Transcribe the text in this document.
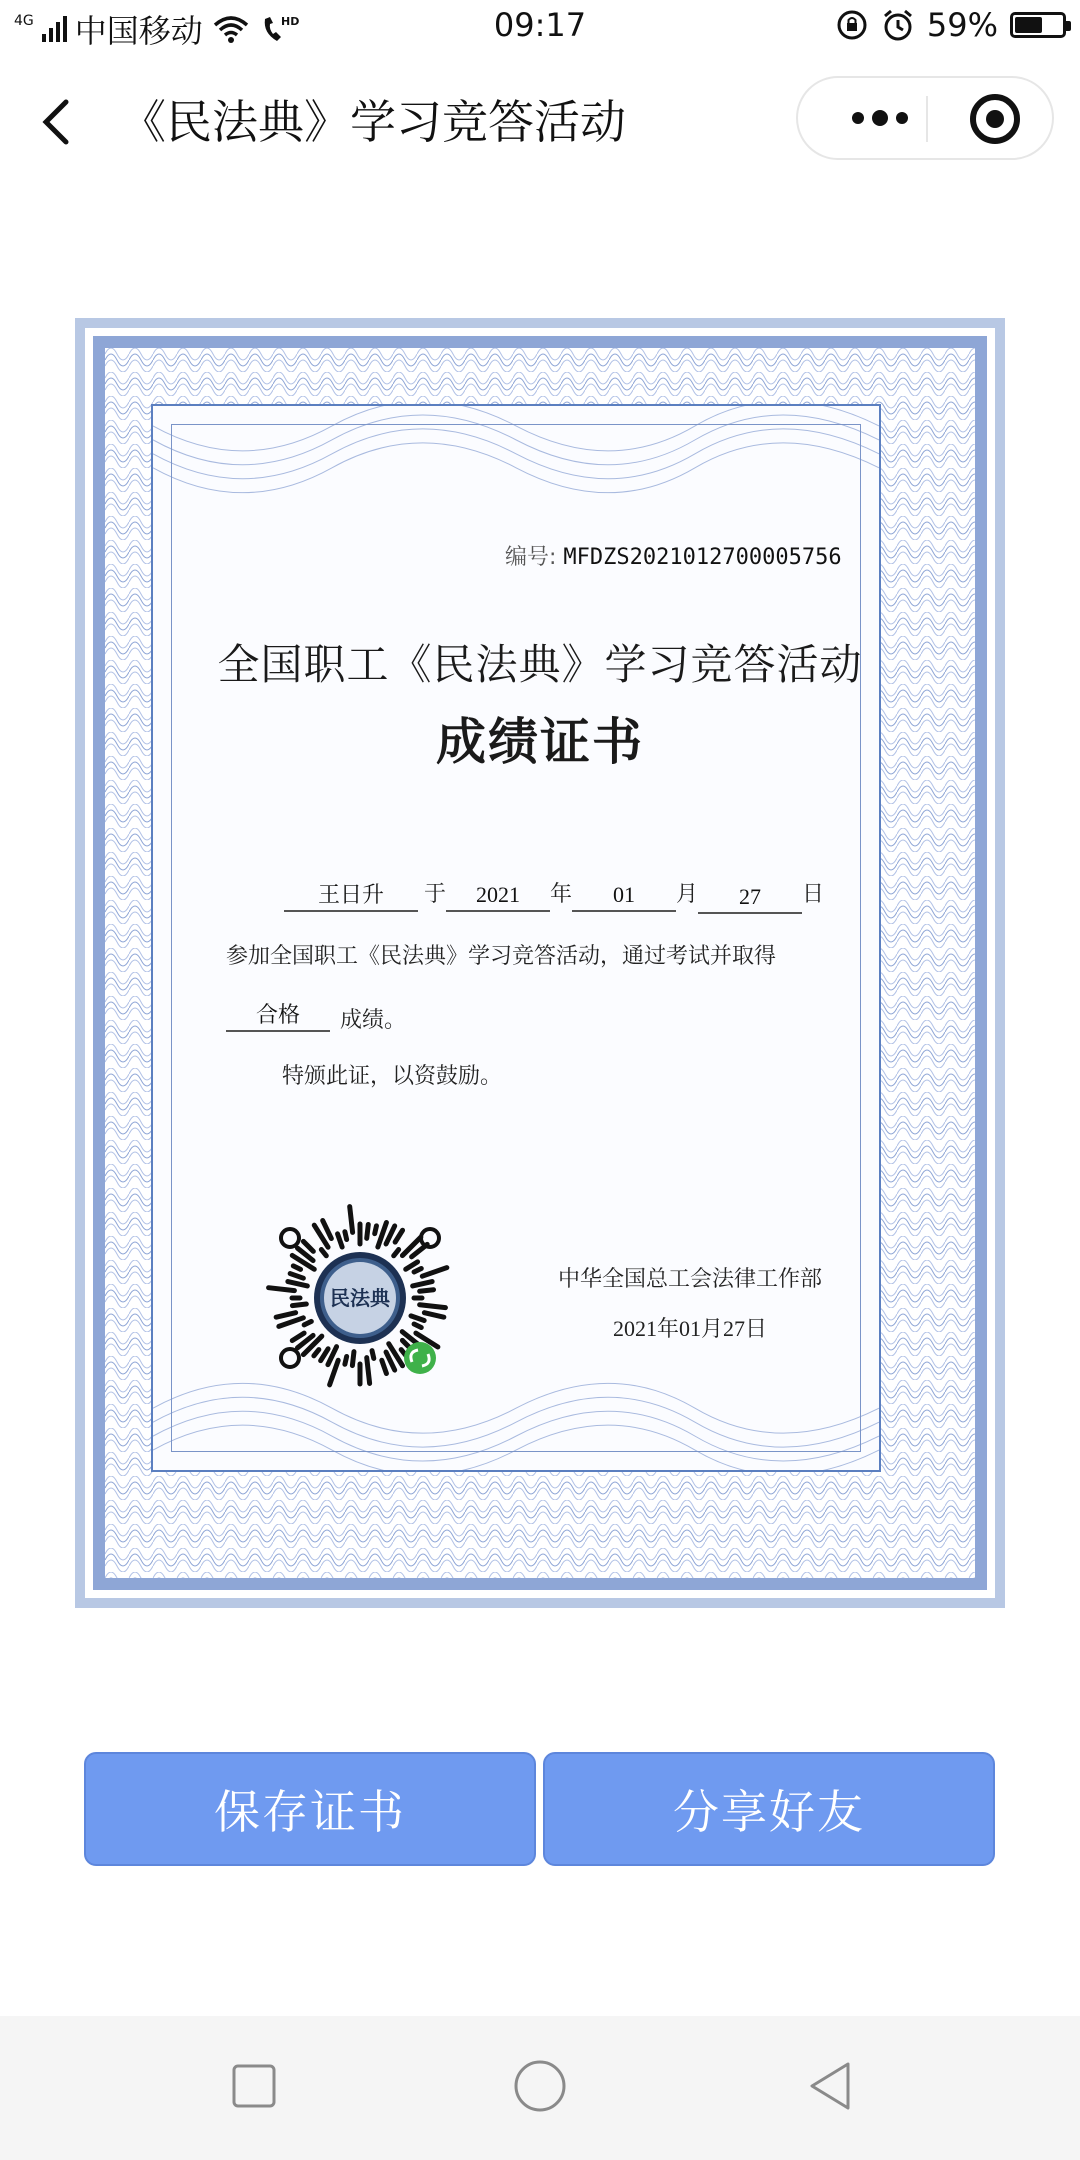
4G 中国移动	HD	09:17	59%
《民法典》学习竞答活动
编号: MFDZS2021012700005756
全国职工《民法典》学习竞答活动
成绩证书
王日升	于	2021	年	01	月	27	日
参加全国职工《民法典》学习竞答活动，通过考试并取得
合格	成绩。
特颁此证，以资鼓励。
民法典
中华全国总工会法律工作部
2021年01月27日
保存证书	分享好友
